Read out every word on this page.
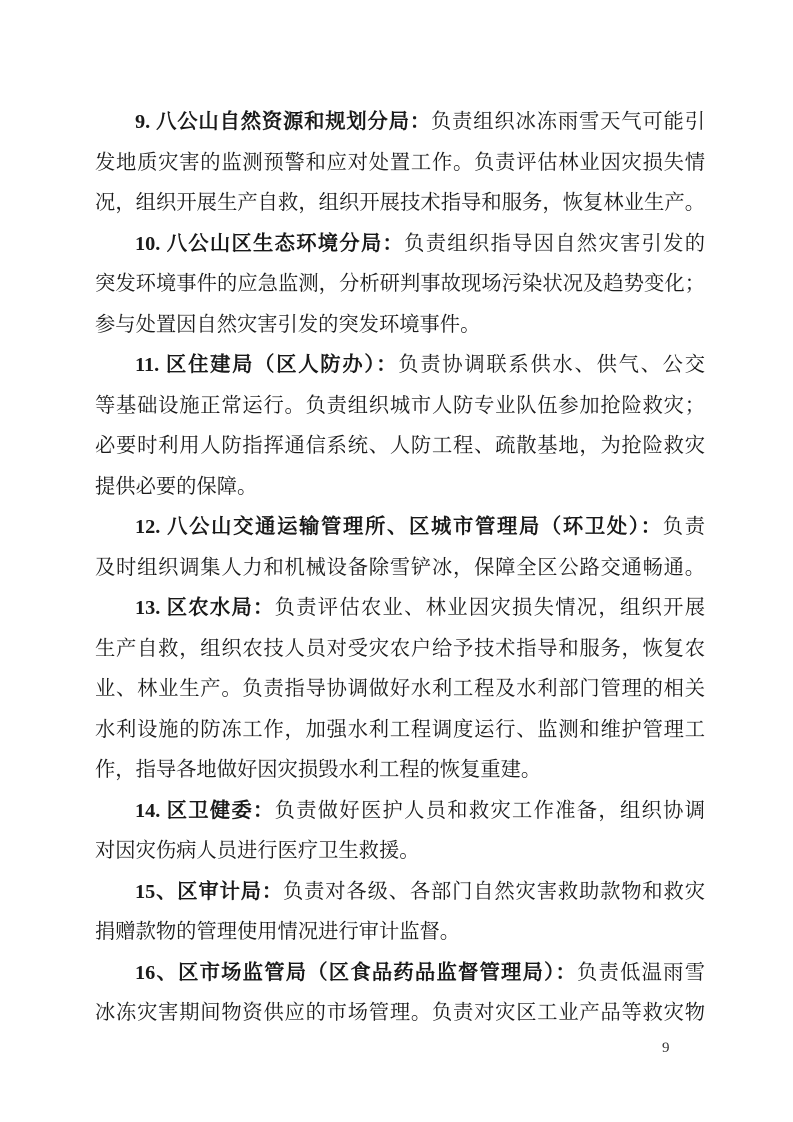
9. 八公山自然资源和规划分局：负责组织冰冻雨雪天气可能引
发地质灾害的监测预警和应对处置工作。负责评估林业因灾损失情
况，组织开展生产自救，组织开展技术指导和服务，恢复林业生产。
10. 八公山区生态环境分局：负责组织指导因自然灾害引发的
突发环境事件的应急监测，分析研判事故现场污染状况及趋势变化；
参与处置因自然灾害引发的突发环境事件。
11. 区住建局（区人防办）：负责协调联系供水、供气、公交
等基础设施正常运行。负责组织城市人防专业队伍参加抢险救灾；
必要时利用人防指挥通信系统、人防工程、疏散基地，为抢险救灾
提供必要的保障。
12. 八公山交通运输管理所、区城市管理局（环卫处）：负责
及时组织调集人力和机械设备除雪铲冰，保障全区公路交通畅通。
13. 区农水局：负责评估农业、林业因灾损失情况，组织开展
生产自救，组织农技人员对受灾农户给予技术指导和服务，恢复农
业、林业生产。负责指导协调做好水利工程及水利部门管理的相关
水利设施的防冻工作，加强水利工程调度运行、监测和维护管理工
作，指导各地做好因灾损毁水利工程的恢复重建。
14. 区卫健委：负责做好医护人员和救灾工作准备，组织协调
对因灾伤病人员进行医疗卫生救援。
15、区审计局：负责对各级、各部门自然灾害救助款物和救灾
捐赠款物的管理使用情况进行审计监督。
16、区市场监管局（区食品药品监督管理局）：负责低温雨雪
冰冻灾害期间物资供应的市场管理。负责对灾区工业产品等救灾物
9
